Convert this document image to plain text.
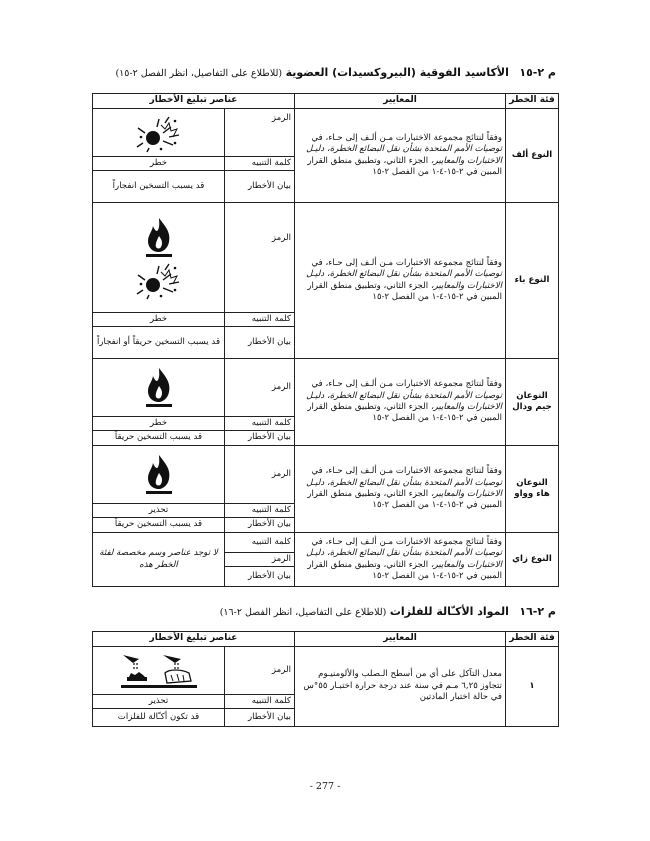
م ٢-١٥   الأكاسيد الفوقية (البيروكسيدات) العضوية (للاطلاع على التفاصيل، انظر الفصل ٢-١٥)
فئة الخطر	المعايير	عناصر تبليغ الأخطار	
النوع ألف	وفقاً لنتائج مجموعة الاختبارات مـن ألـف إلى حـاء، في توصيات الأمم المتحدة بشأن نقل البضائع الخطرة، دليـل الاختبارات والمعايير، الجزء الثاني، وتطبيق منطق القرار المبين في ٢-١٥-٤-١ من الفصل ٢-١٥	الرمز	
		كلمة التنبيه	خطر
		بيان الأخطار	قد يسبب التسخين انفجاراً
النوع باء	وفقاً لنتائج مجموعة الاختبارات مـن ألـف إلى حـاء، في توصيات الأمم المتحدة بشأن نقل البضائع الخطرة، دليـل الاختبارات والمعايير، الجزء الثاني، وتطبيق منطق القرار المبين في ٢-١٥-٤-١ من الفصل ٢-١٥	الرمز	

		كلمة التنبيه	خطر
		بيان الأخطار	قد يسبب التسخين حريقاً أو انفجاراً
النوعان جيم ودال	وفقاً لنتائج مجموعة الاختبارات مـن ألـف إلى حـاء، في توصيات الأمم المتحدة بشأن نقل البضائع الخطرة، دليـل الاختبارات والمعايير، الجزء الثاني، وتطبيق منطق القرار المبين في ٢-١٥-٤-١ من الفصل ٢-١٥	الرمز	
		كلمة التنبيه	خطر
		بيان الأخطار	قد يسبب التسخين حريقاً
النوعان هاء وواو	وفقاً لنتائج مجموعة الاختبارات مـن ألـف إلى حـاء، في توصيات الأمم المتحدة بشأن نقل البضائع الخطرة، دليـل الاختبارات والمعايير، الجزء الثاني، وتطبيق منطق القرار المبين في ٢-١٥-٤-١ من الفصل ٢-١٥	الرمز	
		كلمة التنبيه	تحذير
		بيان الأخطار	قد يسبب التسخين حريقاً
النوع زاي	وفقاً لنتائج مجموعة الاختبارات مـن ألـف إلى حـاء، في توصيات الأمم المتحدة بشأن نقل البضائع الخطرة، دليـل الاختبارات والمعايير، الجزء الثاني، وتطبيق منطق القرار المبين في ٢-١٥-٤-١ من الفصل ٢-١٥	كلمة التنبيه	لا توجد عناصر وسم مخصصة لفئة الخطر هذه
		الرمز	
		بيان الأخطار	
م ٢-١٦   المواد الأكـّالة للفلزات (للاطلاع على التفاصيل، انظر الفصل ٢-١٦)
فئة الخطر	المعايير	عناصر تبليغ الأخطار	
١	معدل التآكل على أي من أسطح الـصلب والألومنيـوم تتجاوز ٦,٢٥ مـم في سنة عند درجة حرارة اختبـار ٥٥°س في حالة اختبار المادتين	الرمز	
		كلمة التنبيه	تحذير
		بيان الأخطار	قد تكون أكـّالة للفلزات
- 277 -
